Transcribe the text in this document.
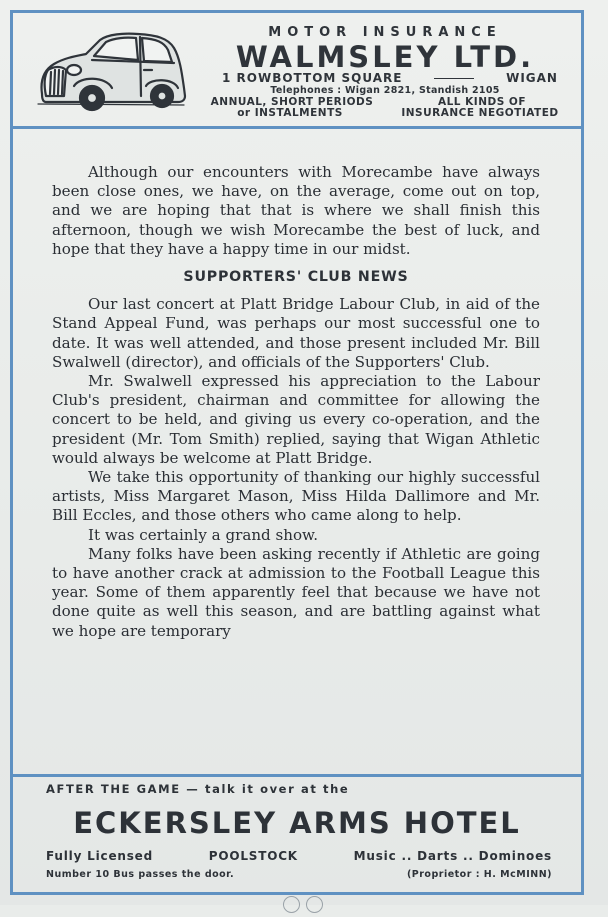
MOTOR INSURANCE
WALMSLEY LTD.
1 ROWBOTTOM SQUARE	WIGAN
Telephones : Wigan 2821, Standish 2105
ANNUAL, SHORT PERIODS	ALL KINDS OF
or INSTALMENTS	INSURANCE NEGOTIATED

Although our encounters with Morecambe have always been close ones, we have, on the average, come out on top, and we are hoping that that is where we shall finish this afternoon, though we wish Morecambe the best of luck, and hope that they have a happy time in our midst.

SUPPORTERS' CLUB NEWS

Our last concert at Platt Bridge Labour Club, in aid of the Stand Appeal Fund, was perhaps our most successful one to date. It was well attended, and those present included Mr. Bill Swalwell (director), and officials of the Supporters' Club.

Mr. Swalwell expressed his appreciation to the Labour Club's president, chairman and committee for allowing the concert to be held, and giving us every co-operation, and the president (Mr. Tom Smith) replied, saying that Wigan Athletic would always be welcome at Platt Bridge.

We take this opportunity of thanking our highly successful artists, Miss Margaret Mason, Miss Hilda Dallimore and Mr. Bill Eccles, and those others who came along to help.

It was certainly a grand show.

Many folks have been asking recently if Athletic are going to have another crack at admission to the Football League this year. Some of them apparently feel that because we have not done quite as well this season, and are battling against what we hope are temporary

AFTER THE GAME — talk it over at the
ECKERSLEY ARMS HOTEL
Fully Licensed	POOLSTOCK	Music .. Darts .. Dominoes
Number 10 Bus passes the door.	(Proprietor : H. McMINN)
